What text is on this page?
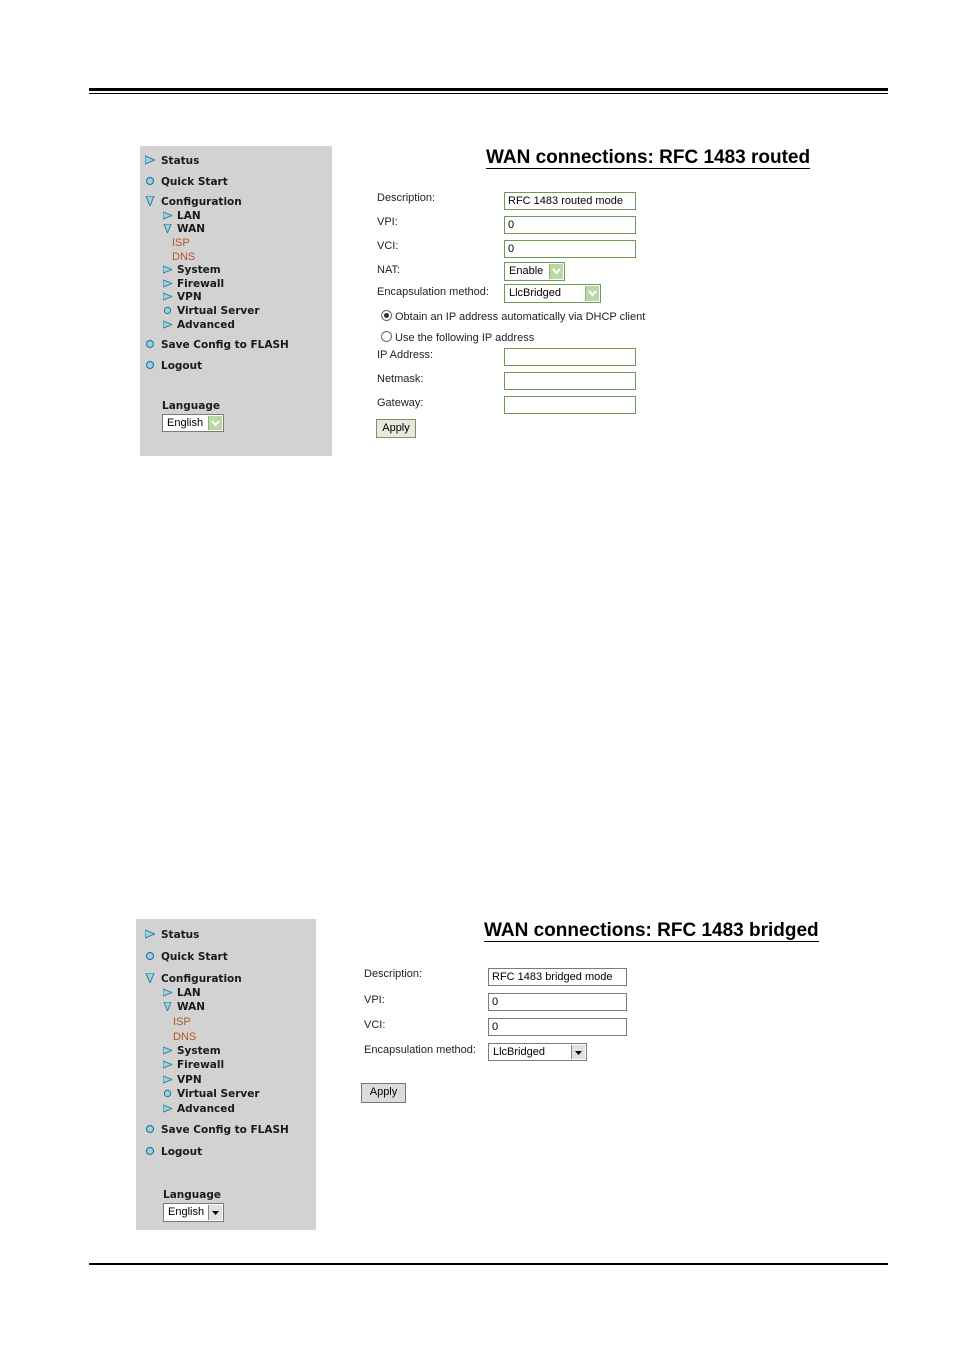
Status
Quick Start
Configuration
LAN
WAN
ISP
DNS
System
Firewall
VPN
Virtual Server
Advanced
Save Config to FLASH
Logout
Language
English
WAN connections: RFC 1483 routed
Description:	RFC 1483 routed mode
VPI:	0
VCI:	0
NAT:	Enable
Encapsulation method: LlcBridged
Obtain an IP address automatically via DHCP client
Use the following IP address
IP Address:
Netmask:
Gateway:
Apply
Status
Quick Start
Configuration
LAN
WAN
ISP
DNS
System
Firewall
VPN
Virtual Server
Advanced
Save Config to FLASH
Logout
Language
English
WAN connections: RFC 1483 bridged
Description:	RFC 1483 bridged mode
VPI:	0
VCI:	0
Encapsulation method: LlcBridged
Apply
